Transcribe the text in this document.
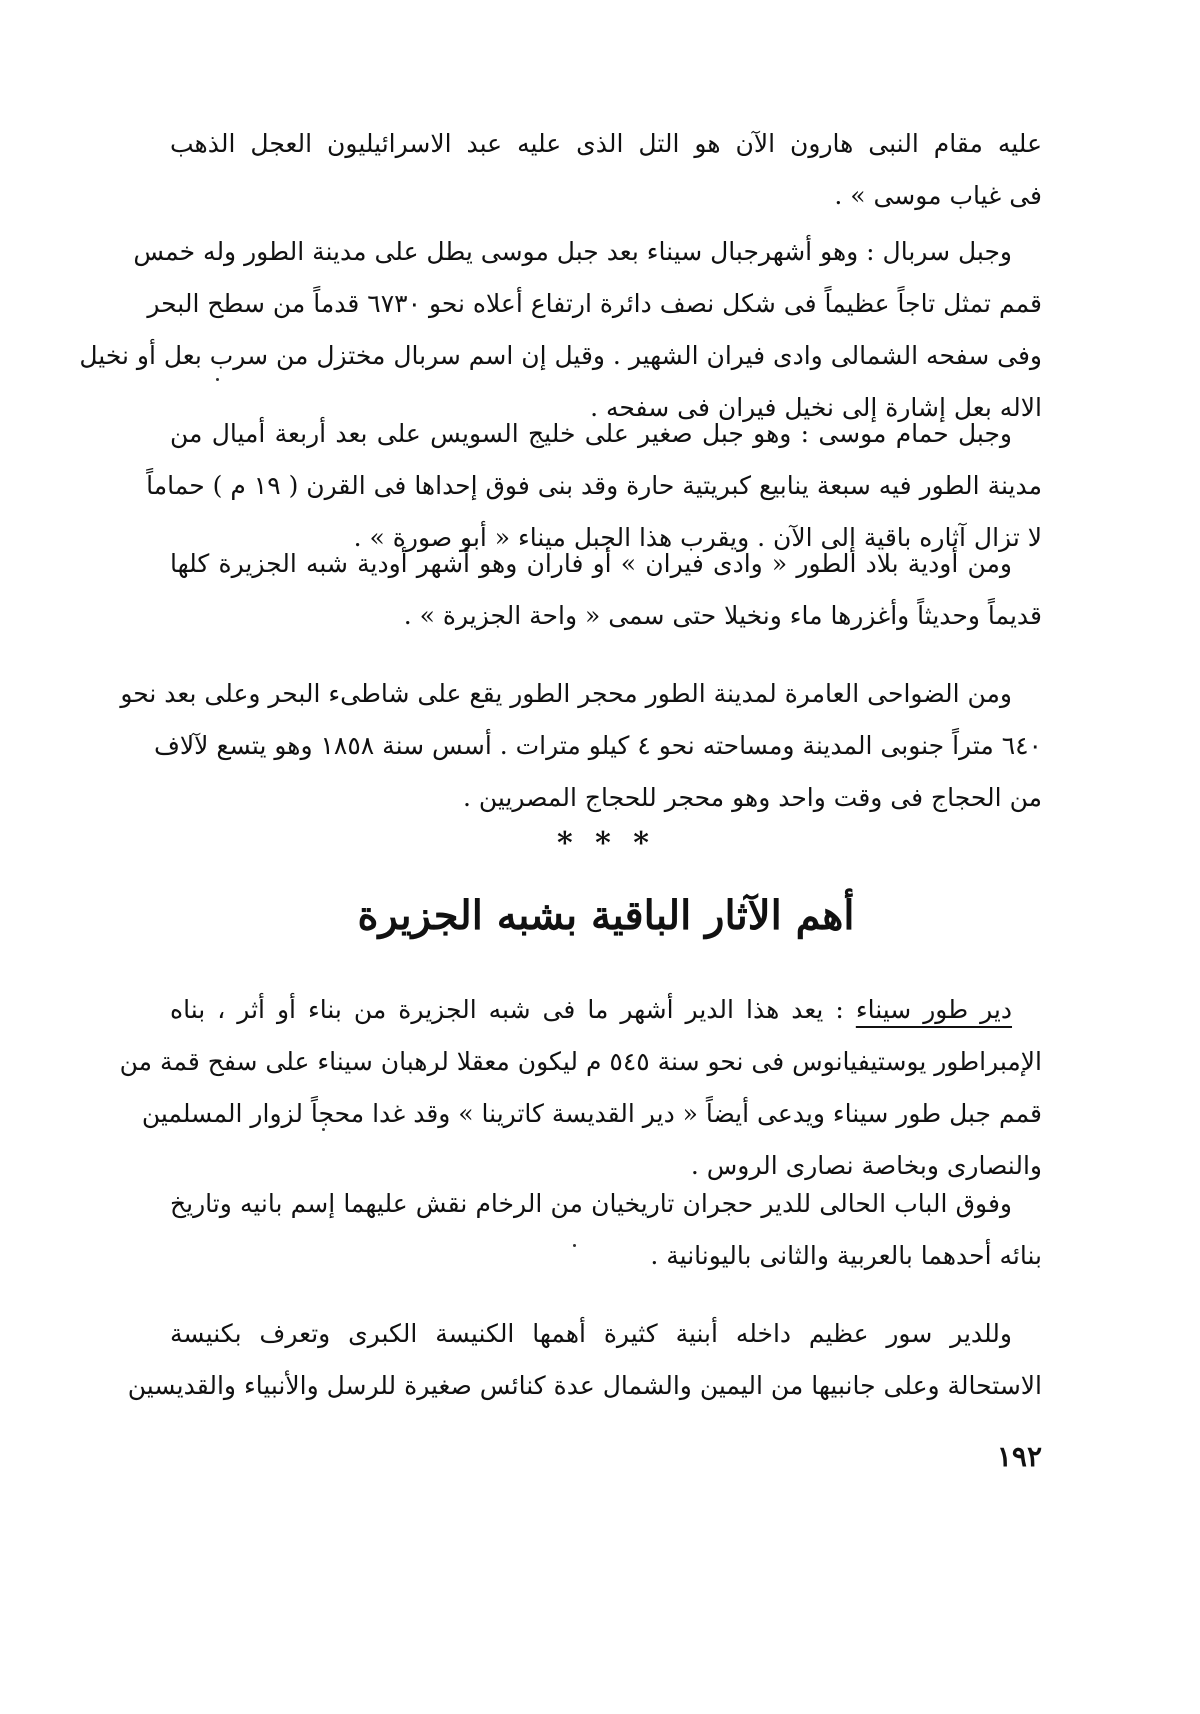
عليه مقام النبى هارون الآن هو التل الذى عليه عبد الاسرائيليون العجل الذهب
فى غياب موسى » .
وجبل سربال : وهو أشهرجبال سيناء بعد جبل موسى يطل على مدينة الطور وله خمس
قمم تمثل تاجاً عظيماً فى شكل نصف دائرة ارتفاع أعلاه نحو ٦٧٣٠ قدماً من سطح البحر
وفى سفحه الشمالى وادى فيران الشهير . وقيل إن اسم سربال مختزل من سرب بعل أو نخيل
الاله بعل إشارة إلى نخيل فيران فى سفحه .
وجبل حمام موسى : وهو جبل صغير على خليج السويس على بعد أربعة أميال من
مدينة الطور فيه سبعة ينابيع كبريتية حارة وقد بنى فوق إحداها فى القرن ( ١٩ م ) حماماً
لا تزال آثاره باقية إلى الآن . ويقرب هذا الجبل ميناء « أبو صورة » .
ومن أودية بلاد الطور « وادى فيران » أو فاران وهو أشهر أودية شبه الجزيرة كلها
قديماً وحديثاً وأغزرها ماء ونخيلا حتى سمى « واحة الجزيرة » .
ومن الضواحى العامرة لمدينة الطور محجر الطور يقع على شاطىء البحر وعلى بعد نحو
٦٤٠ متراً جنوبى المدينة ومساحته نحو ٤ كيلو مترات . أسس سنة ١٨٥٨ وهو يتسع لآلاف
من الحجاج فى وقت واحد وهو محجر للحجاج المصريين .
* * *
أهم الآثار الباقية بشبه الجزيرة
دير طور سيناء : يعد هذا الدير أشهر ما فى شبه الجزيرة من بناء أو أثر ، بناه
الإمبراطور يوستيفيانوس فى نحو سنة ٥٤٥ م ليكون معقلا لرهبان سيناء على سفح قمة من
قمم جبل طور سيناء ويدعى أيضاً « دير القديسة كاترينا » وقد غدا محجاً لزوار المسلمين
والنصارى وبخاصة نصارى الروس .
وفوق الباب الحالى للدير حجران تاريخيان من الرخام نقش عليهما إسم بانيه وتاريخ
بنائه أحدهما بالعربية والثانى باليونانية .
وللدير سور عظيم داخله أبنية كثيرة أهمها الكنيسة الكبرى وتعرف بكنيسة
الاستحالة وعلى جانبيها من اليمين والشمال عدة كنائس صغيرة للرسل والأنبياء والقديسين
١٩٢
